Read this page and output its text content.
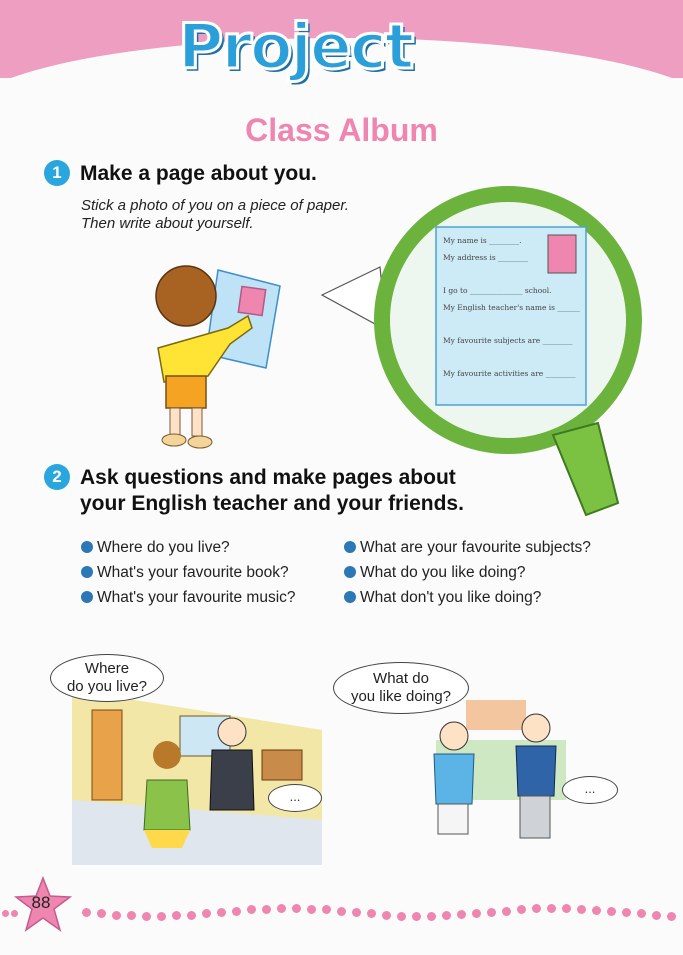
Project
Class Album
1 Make a page about you.
Stick a photo of you on a piece of paper.
Then write about yourself.
My name is ________.
My address is ________
I go to ______________ school.
My English teacher's name is ______
My favourite subjects are ________
My favourite activities are ________
2 Ask questions and make pages about
your English teacher and your friends.
Where do you live?
What's your favourite book?
What's your favourite music?
What are your favourite subjects?
What do you like doing?
What don't you like doing?
Where
do you live?
...
What do
you like doing?
...
88
